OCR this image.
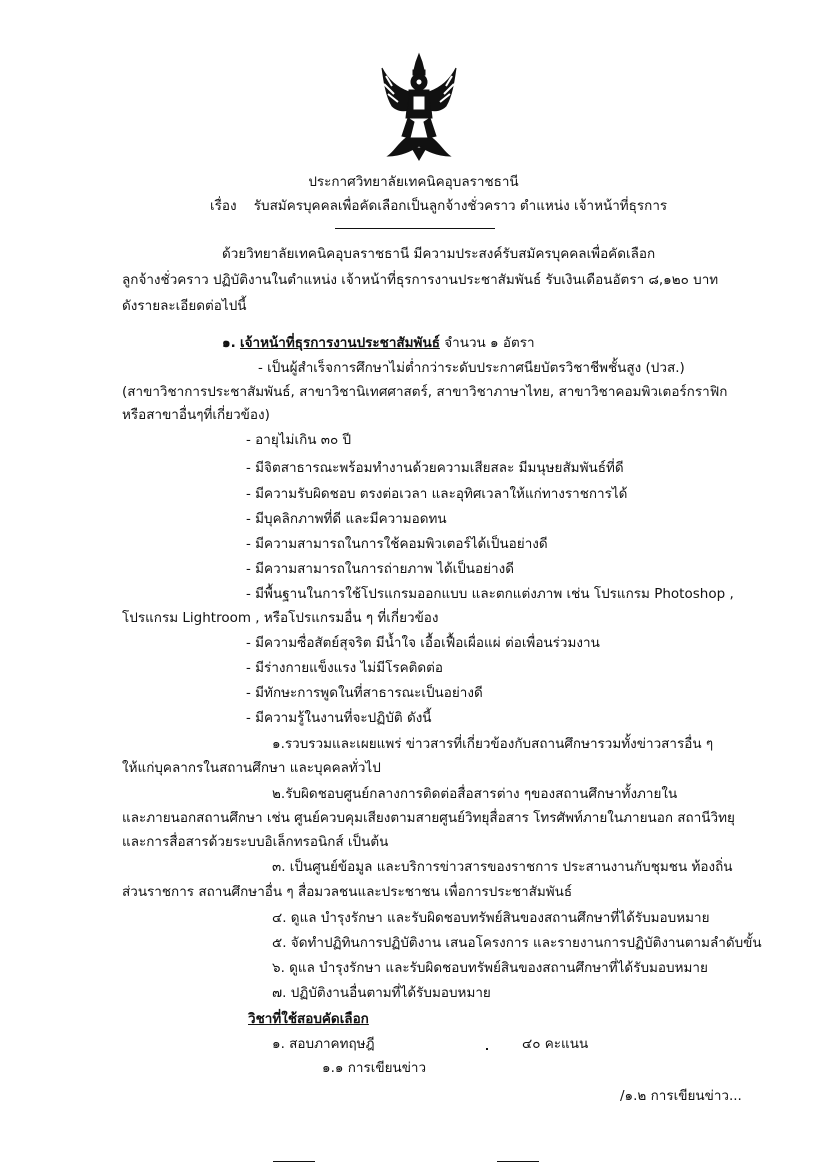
ประกาศวิทยาลัยเทคนิคอุบลราชธานี
เรื่อง รับสมัครบุคคลเพื่อคัดเลือกเป็นลูกจ้างชั่วคราว ตำแหน่ง เจ้าหน้าที่ธุรการ
ด้วยวิทยาลัยเทคนิคอุบลราชธานี มีความประสงค์รับสมัครบุคคลเพื่อคัดเลือก
ลูกจ้างชั่วคราว ปฏิบัติงานในตำแหน่ง เจ้าหน้าที่ธุรการงานประชาสัมพันธ์ รับเงินเดือนอัตรา ๘,๑๒๐ บาท
ดังรายละเอียดต่อไปนี้
๑. เจ้าหน้าที่ธุรการงานประชาสัมพันธ์ จำนวน ๑ อัตรา
- เป็นผู้สำเร็จการศึกษาไม่ต่ำกว่าระดับประกาศนียบัตรวิชาชีพชั้นสูง (ปวส.)
(สาขาวิชาการประชาสัมพันธ์, สาขาวิชานิเทศศาสตร์, สาขาวิชาภาษาไทย, สาขาวิชาคอมพิวเตอร์กราฟิก
หรือสาขาอื่นๆที่เกี่ยวข้อง)
- อายุไม่เกิน ๓๐ ปี
- มีจิตสาธารณะพร้อมทำงานด้วยความเสียสละ มีมนุษยสัมพันธ์ที่ดี
- มีความรับผิดชอบ ตรงต่อเวลา และอุทิศเวลาให้แก่ทางราชการได้
- มีบุคลิกภาพที่ดี และมีความอดทน
- มีความสามารถในการใช้คอมพิวเตอร์ได้เป็นอย่างดี
- มีความสามารถในการถ่ายภาพ ได้เป็นอย่างดี
- มีพื้นฐานในการใช้โปรแกรมออกแบบ และตกแต่งภาพ เช่น โปรแกรม Photoshop ,
โปรแกรม Lightroom , หรือโปรแกรมอื่น ๆ ที่เกี่ยวข้อง
- มีความซื่อสัตย์สุจริต มีน้ำใจ เอื้อเฟื้อเผื่อแผ่ ต่อเพื่อนร่วมงาน
- มีร่างกายแข็งแรง ไม่มีโรคติดต่อ
- มีทักษะการพูดในที่สาธารณะเป็นอย่างดี
- มีความรู้ในงานที่จะปฏิบัติ ดังนี้
๑.รวบรวมและเผยแพร่ ข่าวสารที่เกี่ยวข้องกับสถานศึกษารวมทั้งข่าวสารอื่น ๆ
ให้แก่บุคลากรในสถานศึกษา และบุคคลทั่วไป
๒.รับผิดชอบศูนย์กลางการติดต่อสื่อสารต่าง ๆของสถานศึกษาทั้งภายใน
และภายนอกสถานศึกษา เช่น ศูนย์ควบคุมเสียงตามสายศูนย์วิทยุสื่อสาร โทรศัพท์ภายในภายนอก สถานีวิทยุ
และการสื่อสารด้วยระบบอิเล็กทรอนิกส์ เป็นต้น
๓. เป็นศูนย์ข้อมูล และบริการข่าวสารของราชการ ประสานงานกับชุมชน ท้องถิ่น
ส่วนราชการ สถานศึกษาอื่น ๆ สื่อมวลชนและประชาชน เพื่อการประชาสัมพันธ์
๔. ดูแล บำรุงรักษา และรับผิดชอบทรัพย์สินของสถานศึกษาที่ได้รับมอบหมาย
๕. จัดทำปฏิทินการปฏิบัติงาน เสนอโครงการ และรายงานการปฏิบัติงานตามลำดับขั้น
๖. ดูแล บำรุงรักษา และรับผิดชอบทรัพย์สินของสถานศึกษาที่ได้รับมอบหมาย
๗. ปฏิบัติงานอื่นตามที่ได้รับมอบหมาย
วิชาที่ใช้สอบคัดเลือก
๑. สอบภาคทฤษฎี	๔๐ คะแนน
๑.๑ การเขียนข่าว
/๑.๒ การเขียนข่าว...
